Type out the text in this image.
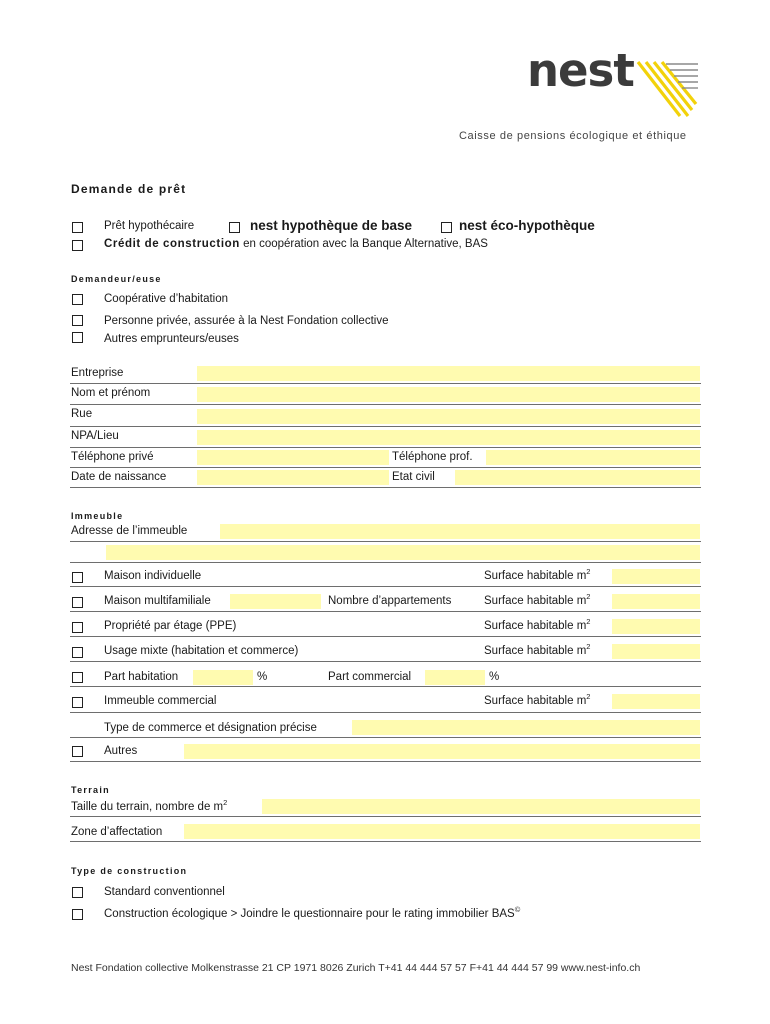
nest
Caisse de pensions écologique et éthique
Demande de prêt
Prêt hypothécaire	nest hypothèque de base	nest éco-hypothèque
Crédit de construction en coopération avec la Banque Alternative, BAS
Demandeur/euse
Coopérative d’habitation
Personne privée, assurée à la Nest Fondation collective
Autres emprunteurs/euses
Entreprise
Nom et prénom
Rue
NPA/Lieu
Téléphone privé	Téléphone prof.
Date de naissance	Etat civil
Immeuble
Adresse de l’immeuble
Maison individuelle	Surface habitable $m^2$
Maison multifamiliale	Nombre d’appartements	Surface habitable $m^2$
Propriété par étage (PPE)	Surface habitable $m^2$
Usage mixte (habitation et commerce)	Surface habitable $m^2$
Part habitation	%	Part commercial	%
Immeuble commercial	Surface habitable $m^2$
Type de commerce et désignation précise
Autres
Terrain
Taille du terrain, nombre de $m^2$
Zone d’affectation
Type de construction
Standard conventionnel
Construction écologique > Joindre le questionnaire pour le rating immobilier BAS©
Nest Fondation collective Molkenstrasse 21 CP 1971 8026 Zurich T+41 44 444 57 57 F+41 44 444 57 99 www.nest-info.ch
